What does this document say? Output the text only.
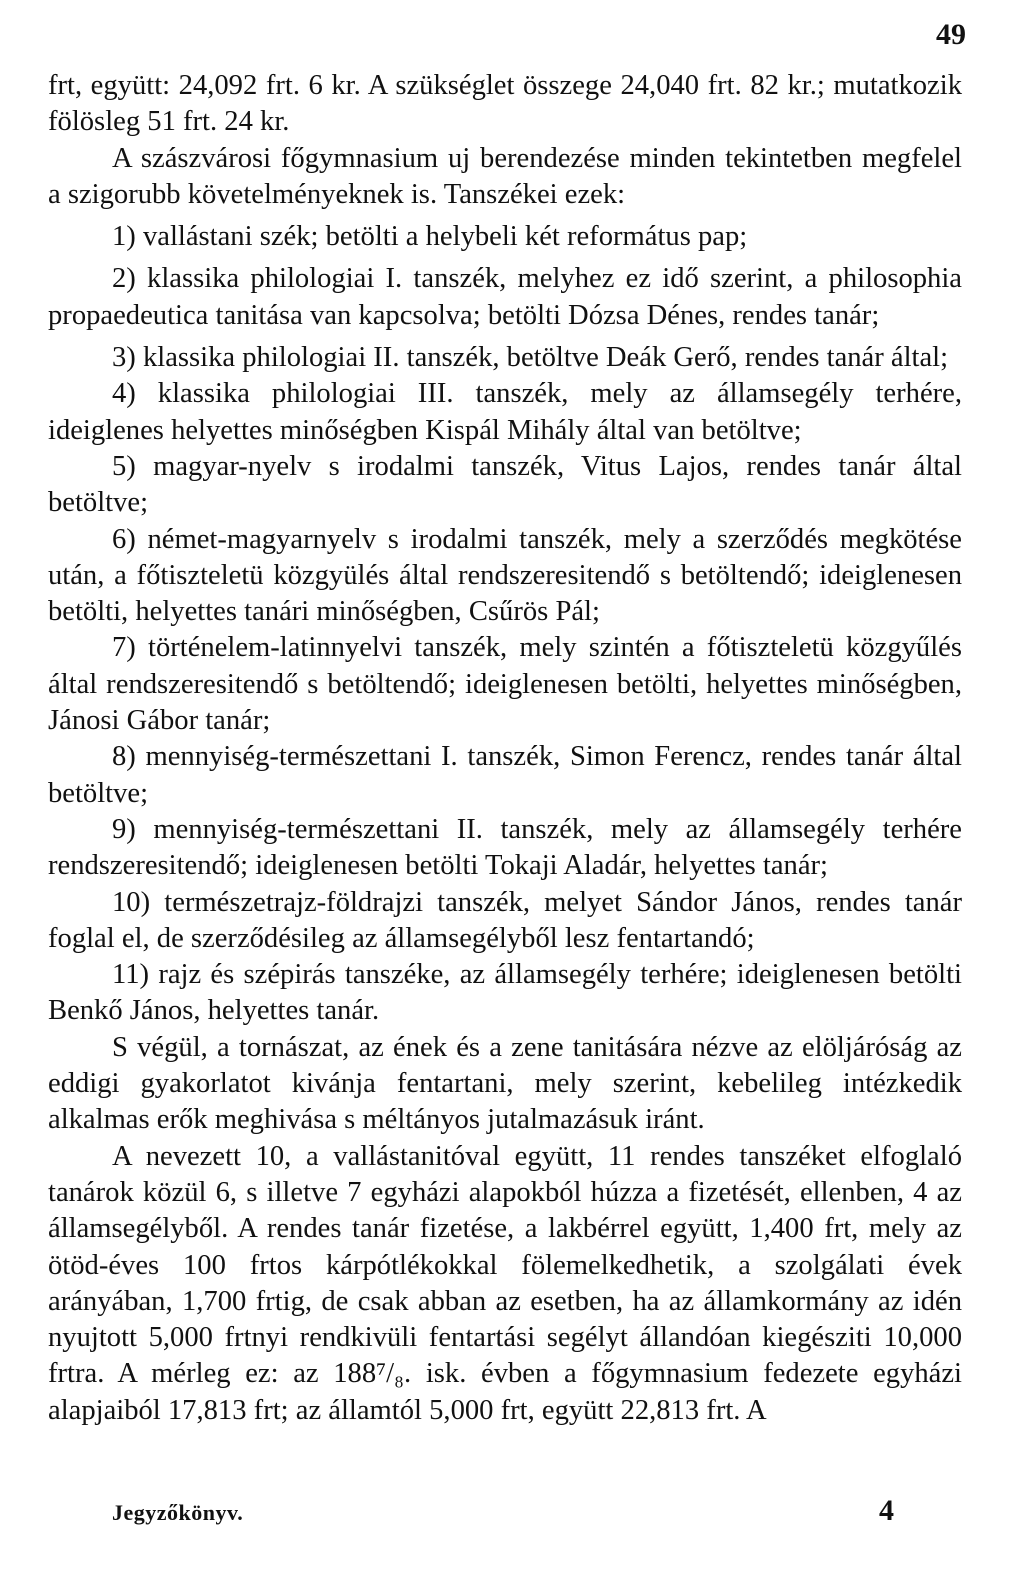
49

frt, együtt: 24,092 frt. 6 kr. A szükséglet összege 24,040 frt. 82 kr.; mutatkozik fölösleg 51 frt. 24 kr.

A szászvárosi főgymnasium uj berendezése minden tekintetben megfelel a szigorubb követelményeknek is. Tanszékei ezek:

1) vallástani szék; betölti a helybeli két református pap;

2) klassika philologiai I. tanszék, melyhez ez idő szerint, a philosophia propaedeutica tanitása van kapcsolva; betölti Dózsa Dénes, rendes tanár;

3) klassika philologiai II. tanszék, betöltve Deák Gerő, rendes tanár által;

4) klassika philologiai III. tanszék, mely az államsegély terhére, ideiglenes helyettes minőségben Kispál Mihály által van betöltve;

5) magyar-nyelv s irodalmi tanszék, Vitus Lajos, rendes tanár által betöltve;

6) német-magyarnyelv s irodalmi tanszék, mely a szerződés megkötése után, a főtiszteletü közgyülés által rendszeresitendő s betöltendő; ideiglenesen betölti, helyettes tanári minőségben, Csűrös Pál;

7) történelem-latinnyelvi tanszék, mely szintén a főtiszteletü közgyűlés által rendszeresitendő s betöltendő; ideiglenesen betölti, helyettes minőségben, Jánosi Gábor tanár;

8) mennyiség-természettani I. tanszék, Simon Ferencz, rendes tanár által betöltve;

9) mennyiség-természettani II. tanszék, mely az államsegély terhére rendszeresitendő; ideiglenesen betölti Tokaji Aladár, helyettes tanár;

10) természetrajz-földrajzi tanszék, melyet Sándor János, rendes tanár foglal el, de szerződésileg az államsegélyből lesz fentartandó;

11) rajz és szépirás tanszéke, az államsegély terhére; ideiglenesen betölti Benkő János, helyettes tanár.

S végül, a tornászat, az ének és a zene tanitására nézve az elöljáróság az eddigi gyakorlatot kivánja fentartani, mely szerint, kebelileg intézkedik alkalmas erők meghivása s méltányos jutalmazásuk iránt.

A nevezett 10, a vallástanitóval együtt, 11 rendes tanszéket elfoglaló tanárok közül 6, s illetve 7 egyházi alapokból húzza a fizetését, ellenben, 4 az államsegélyből. A rendes tanár fizetése, a lakbérrel együtt, 1,400 frt, mely az ötöd-éves 100 frtos kárpótlékokkal fölemelkedhetik, a szolgálati évek arányában, 1,700 frtig, de csak abban az esetben, ha az államkormány az idén nyujtott 5,000 frtnyi rendkivüli fentartási segélyt állandóan kiegésziti 10,000 frtra. A mérleg ez: az 188⁷/₈. isk. évben a főgymnasium fedezete egyházi alapjaiból 17,813 frt; az államtól 5,000 frt, együtt 22,813 frt. A

Jegyzőkönyv.	4
